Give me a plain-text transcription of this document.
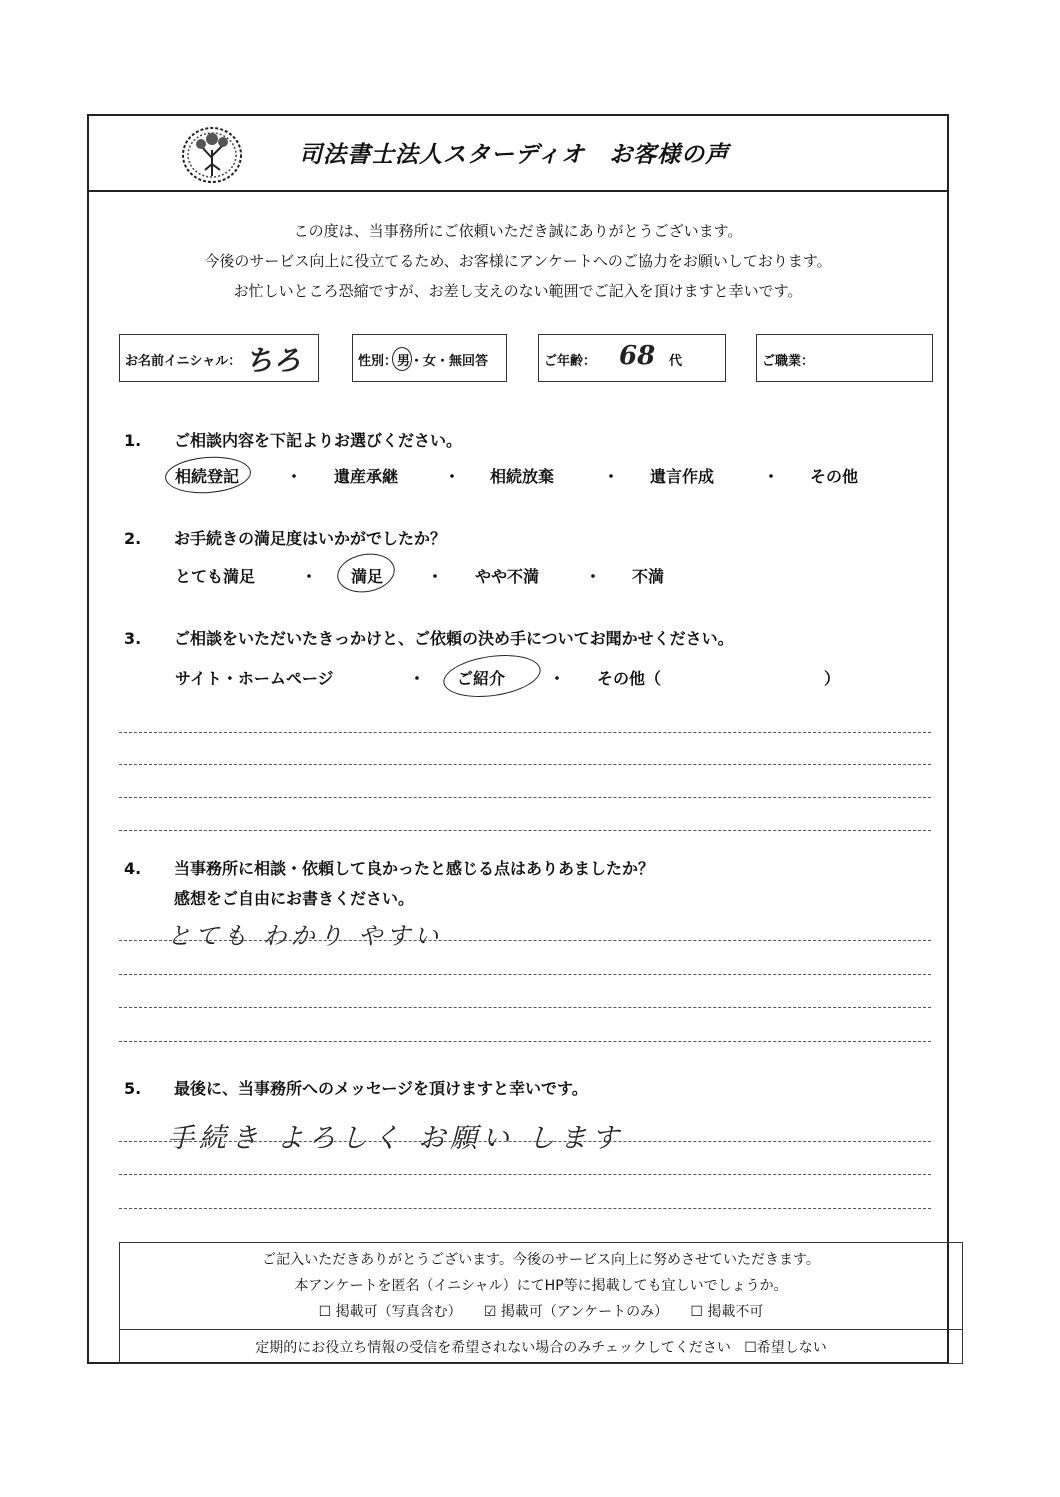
司法書士法人スターディオ　お客様の声
この度は、当事務所にご依頼いただき誠にありがとうございます。
今後のサービス向上に役立てるため、お客様にアンケートへのご協力をお願いしております。
お忙しいところ恐縮ですが、お差し支えのない範囲でご記入を頂けますと幸いです。
お名前イニシャル： ちろ	性別：男・女・無回答	ご年齢： 68 代	ご職業：
1. ご相談内容を下記よりお選びください。
相続登記	・ 遺産承継	・ 相続放棄	・ 遺言作成	・ その他
2. お手続きの満足度はいかがでしたか？
とても満足	・ 満足	・ やや不満	・ 不満
3. ご相談をいただいたきっかけと、ご依頼の決め手についてお聞かせください。
サイト・ホームページ	・ ご紹介	・ その他（	）
4. 当事務所に相談・依頼して良かったと感じる点はありあましたか？
感想をご自由にお書きください。
とても わかり やすい
5. 最後に、当事務所へのメッセージを頂けますと幸いです。
手続き よろしく お願い します
ご記入いただきありがとうございます。今後のサービス向上に努めさせていただきます。
本アンケートを匿名（イニシャル）にてHP等に掲載しても宜しいでしょうか。
☐ 掲載可（写真含む） ☑ 掲載可（アンケートのみ） ☐ 掲載不可
定期的にお役立ち情報の受信を希望されない場合のみチェックしてください ☐希望しない
